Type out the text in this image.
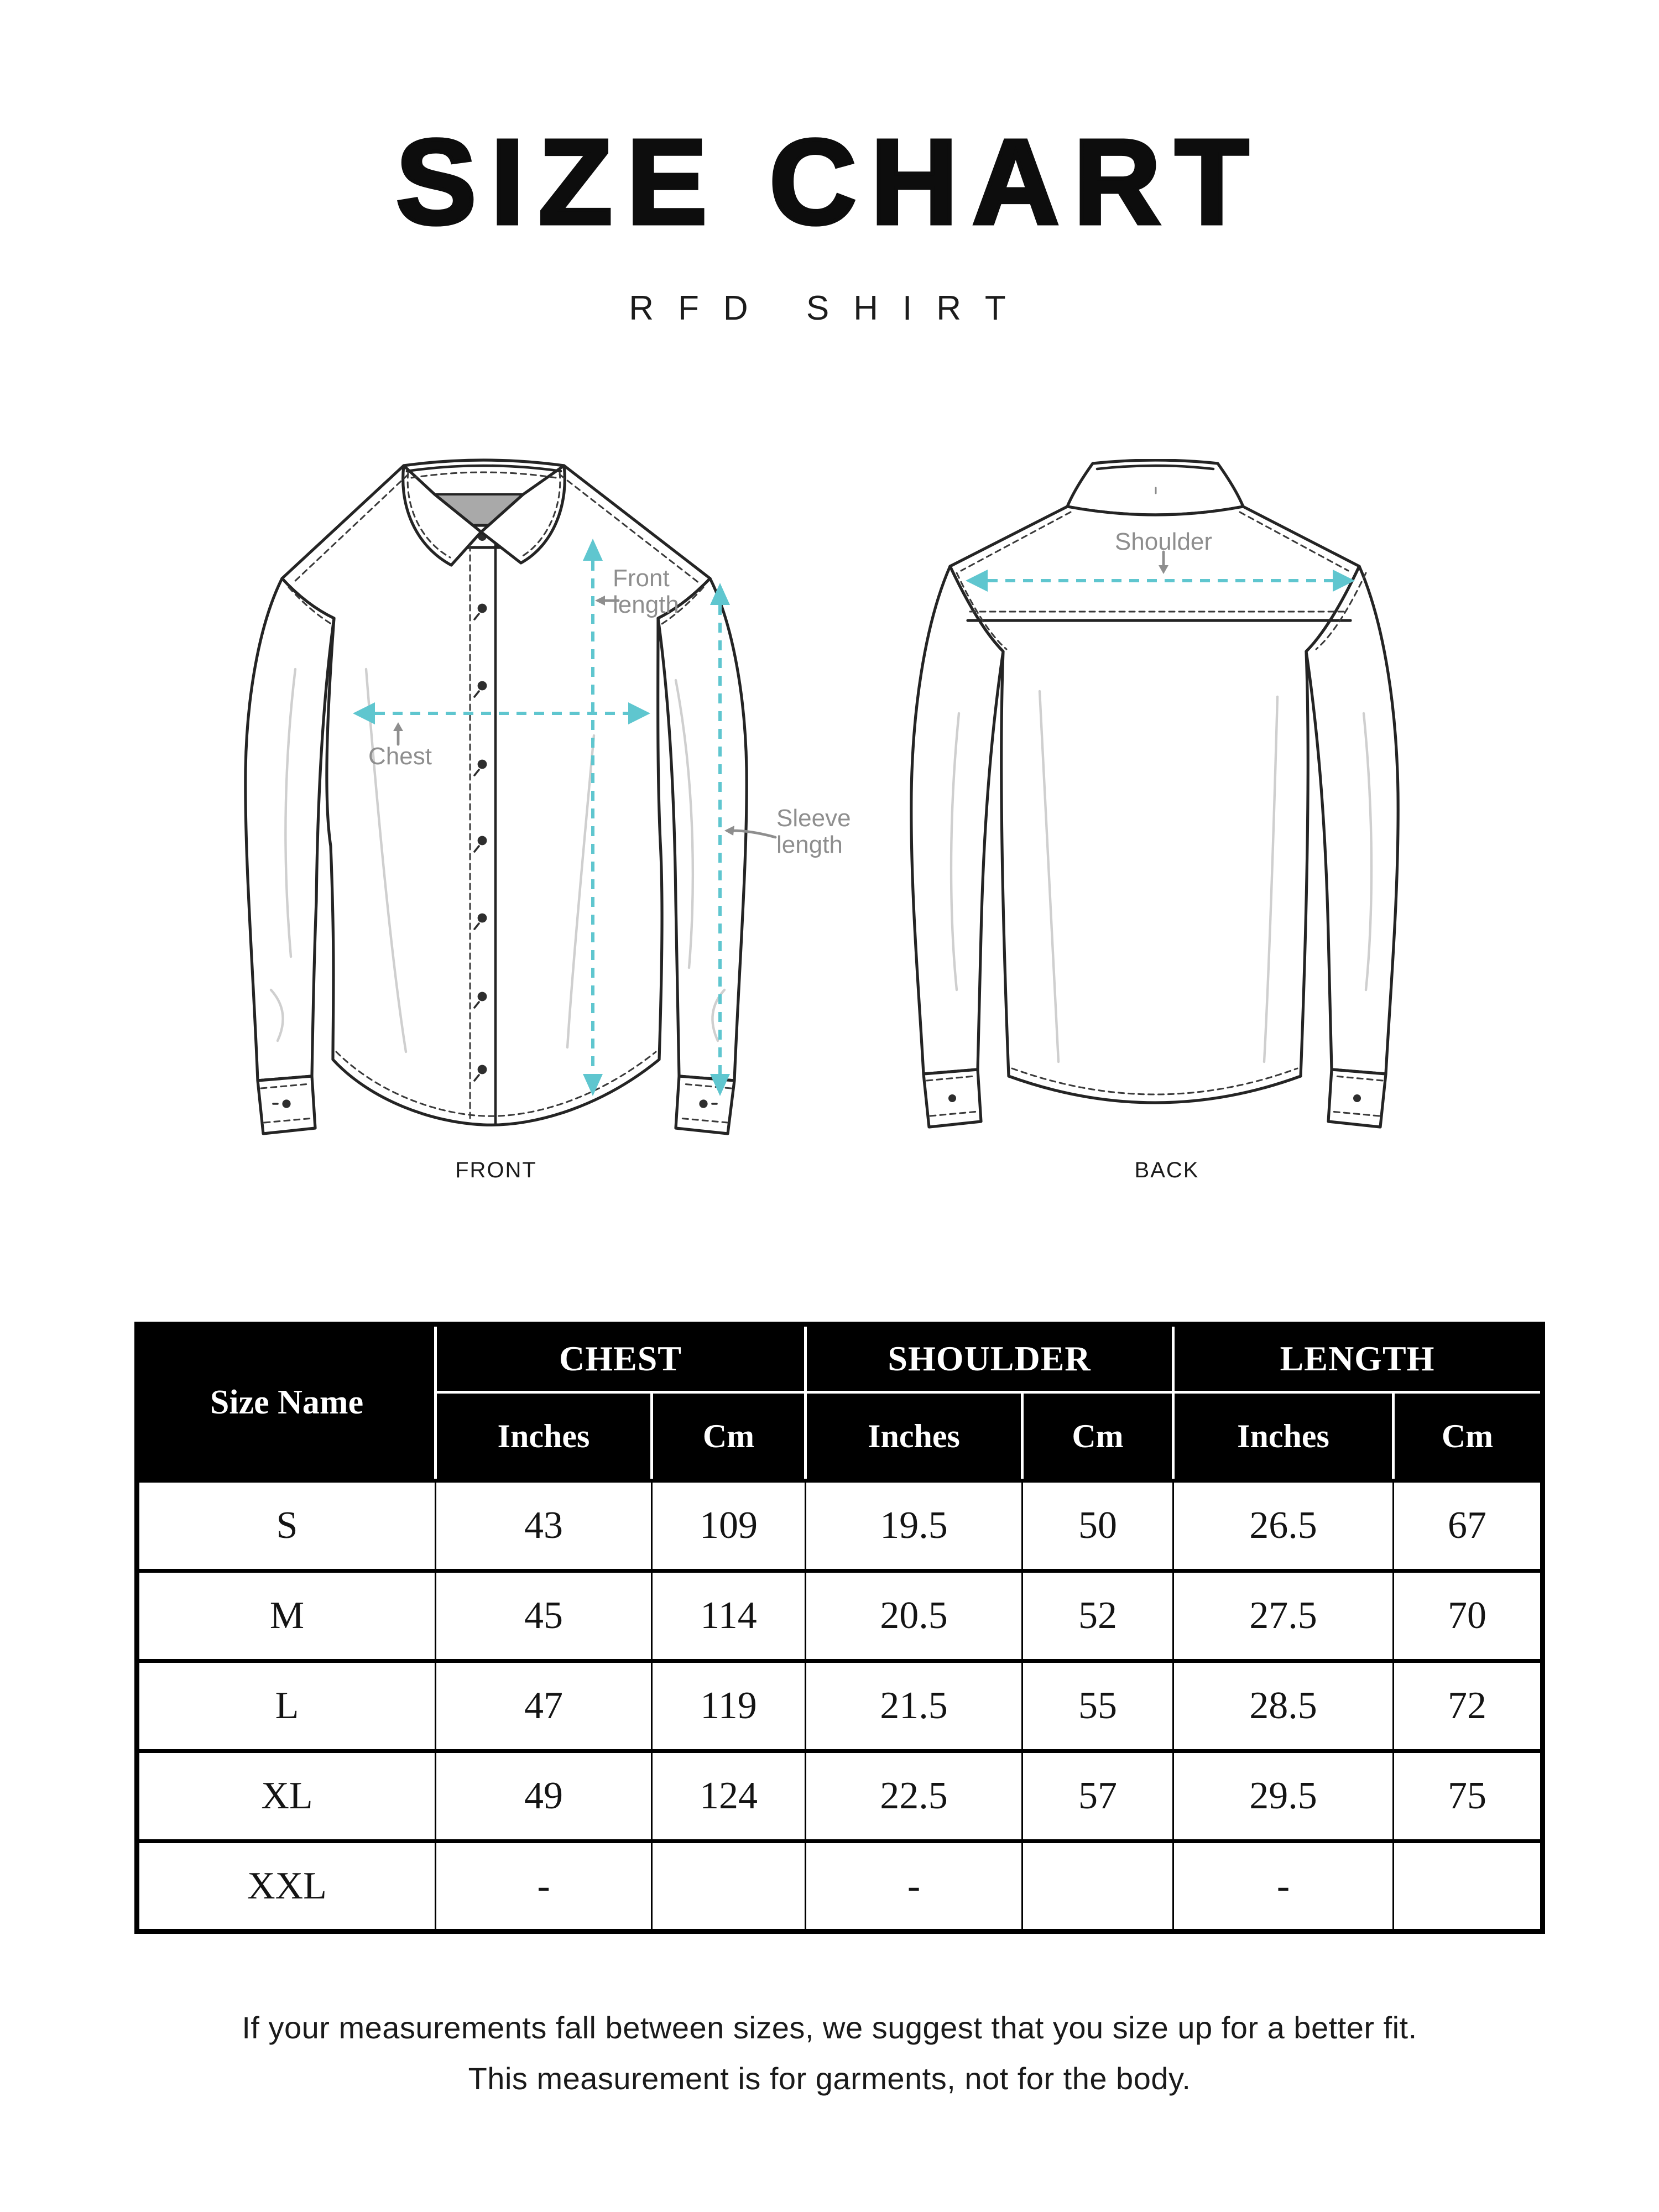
SIZE CHART
RFD SHIRT
Front
length
Chest
Sleeve
length
Shoulder
FRONT	BACK
Size Name	CHEST		SHOULDER		LENGTH	
	Inches	Cm	Inches	Cm	Inches	Cm
S	43	109	19.5	50	26.5	67
M	45	114	20.5	52	27.5	70
L	47	119	21.5	55	28.5	72
XL	49	124	22.5	57	29.5	75
XXL	-		-		-	
If your measurements fall between sizes, we suggest that you size up for a better fit.
This measurement is for garments, not for the body.
